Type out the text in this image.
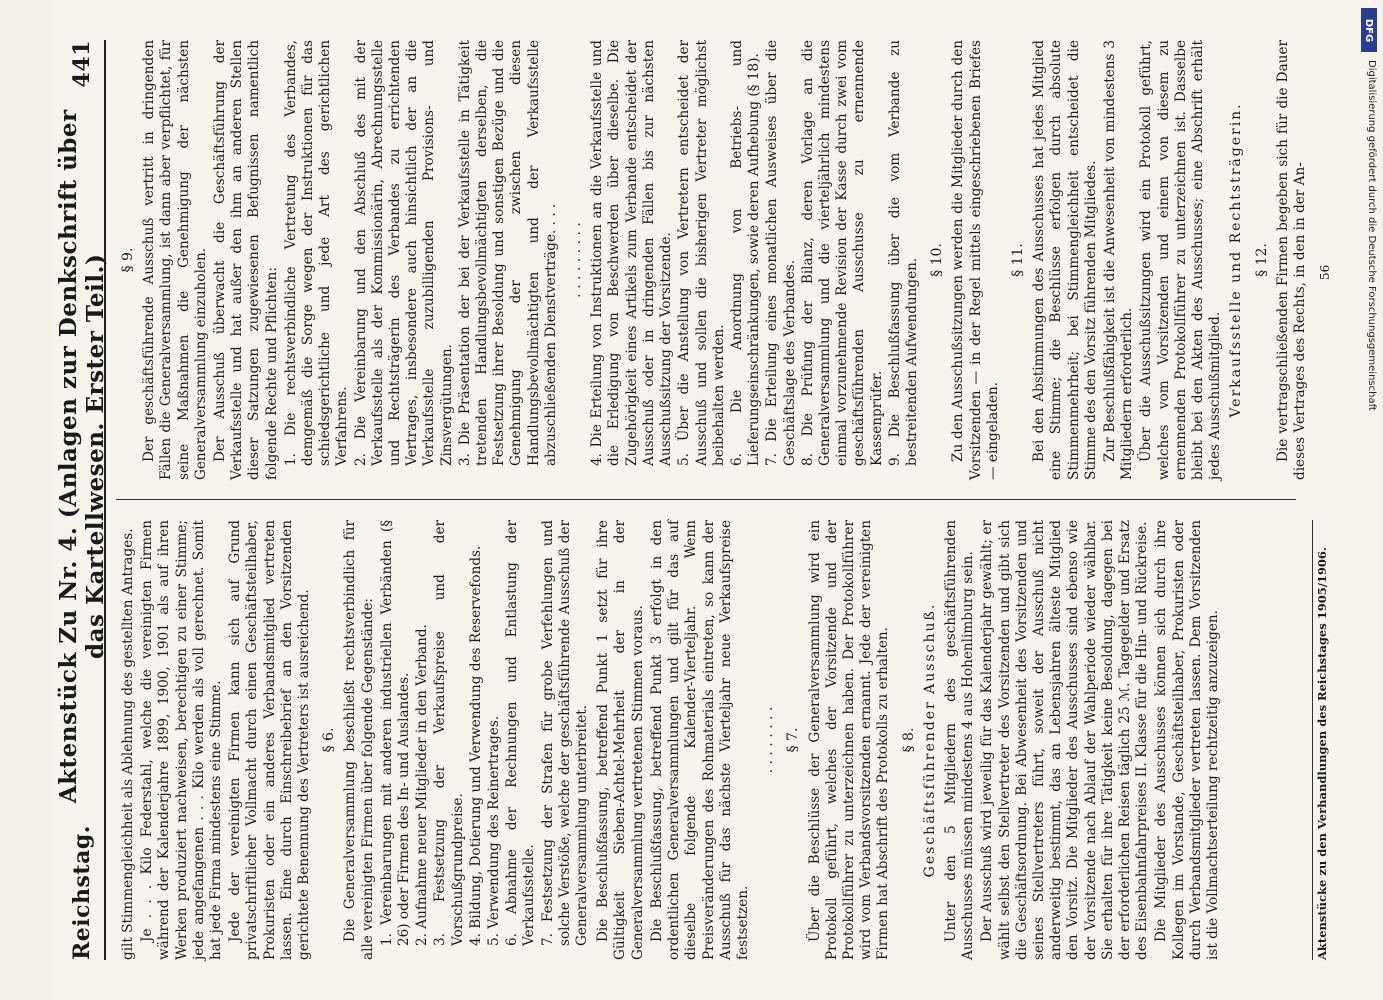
Reichstag.
Aktenstück Zu Nr. 4. (Anlagen zur Denkschrift über das Kartellwesen. Erster Teil.)
441

gilt Stimmengleichheit als Ablehnung des gestellten Antrages. Je . . . Kilo Federstahl, welche die vereinigten Firmen während der Kalenderjahre 1899, 1900, 1901 als auf ihren Werken produziert nachweisen, berechtigen zu einer Stimme; jede angefangenen . . . Kilo werden als voll gerechnet. Somit hat jede Firma mindestens eine Stimme. Jede der vereinigten Firmen kann sich auf Grund privatschriftlicher Vollmacht durch einen Geschäftsteilhaber, Prokuristen oder ein anderes Verbandsmitglied vertreten lassen. Eine durch Einschreibebrief an den Vorsitzenden gerichtete Benennung des Vertreters ist ausreichend. § 6. Die Generalversammlung beschließt rechtsverbindlich für alle vereinigten Firmen über folgende Gegenstände: 1. Vereinbarungen mit anderen industriellen Verbänden (§ 26) oder Firmen des In- und Auslandes. 2. Aufnahme neuer Mitglieder in den Verband. 3. Festsetzung der Verkaufspreise und der Vorschußgrundpreise. 4. Bildung, Dotierung und Verwendung des Reservefonds. 5. Verwendung des Reinertrages. 6. Abnahme der Rechnungen und Entlastung der Verkaufsstelle. 7. Festsetzung der Strafen für grobe Verfehlungen und solche Verstöße, welche der geschäftsführende Ausschuß der Generalversammlung unterbreitet. Die Beschlußfassung, betreffend Punkt 1 setzt für ihre Gültigkeit Sieben-Achtel-Mehrheit der in der Generalversammlung vertretenen Stimmen voraus. Die Beschlußfassung, betreffend Punkt 3 erfolgt in den ordentlichen Generalversammlungen und gilt für das auf dieselbe folgende Kalender-Vierteljahr. Wenn Preisveränderungen des Rohmaterials eintreten, so kann der Ausschuß für das nächste Vierteljahr neue Verkaufspreise festsetzen.

. . . . . . . . § 7. Über die Beschlüsse der Generalversammlung wird ein Protokoll geführt, welches der Vorsitzende und der Protokollführer zu unterzeichnen haben. Der Protokollführer wird vom Verbandsvorsitzenden ernannt. Jede der vereinigten Firmen hat Abschrift des Protokolls zu erhalten. § 8. Geschäftsführender Ausschuß. Unter den 5 Mitgliedern des geschäftsführenden Ausschusses müssen mindestens 4 aus Hohenlimburg sein. Der Ausschuß wird jeweilig für das Kalenderjahr gewählt; er wählt selbst den Stellvertreter des Vorsitzenden und gibt sich die Geschäftsordnung. Bei Abwesenheit des Vorsitzenden und seines Stellvertreters führt, soweit der Ausschuß nicht anderweitig bestimmt, das an Lebensjahren älteste Mitglied den Vorsitz. Die Mitglieder des Ausschusses sind ebenso wie der Vorsitzende nach Ablauf der Wahlperiode wieder wählbar. Sie erhalten für ihre Tätigkeit keine Besoldung, dagegen bei der erforderlichen Reisen täglich 25 ℳ. Tagegelder und Ersatz des Eisenbahnfahrpreises II. Klasse für die Hin- und Rückreise. Die Mitglieder des Ausschusses können sich durch ihre Kollegen im Vorstande, Geschäftsteilhaber, Prokuristen oder durch Verbandsmitglieder vertreten lassen. Dem Vorsitzenden ist die Vollmachtserteilung rechtzeitig anzuzeigen.

§ 9. Der geschäftsführende Ausschuß vertritt in dringenden Fällen die Generalversammlung, ist dann aber verpflichtet, für seine Maßnahmen die Genehmigung der nächsten Generalversammlung einzuholen. Der Ausschuß überwacht die Geschäftsführung der Verkaufsstelle und hat außer den ihm an anderen Stellen dieser Satzungen zugewiesenen Befugnissen namentlich folgende Rechte und Pflichten: 1. Die rechtsverbindliche Vertretung des Verbandes, demgemäß die Sorge wegen der Instruktionen für das schiedsgerichtliche und jede Art des gerichtlichen Verfahrens. 2. Die Vereinbarung und den Abschluß des mit der Verkaufsstelle als der Kommissionärin, Abrechnungsstelle und Rechtsträgerin des Verbandes zu errichtenden Vertrages, insbesondere auch hinsichtlich der an die Verkaufsstelle zuzubilligenden Provisions- und Zinsvergütungen. 3. Die Präsentation der bei der Verkaufsstelle in Tätigkeit tretenden Handlungsbevollmächtigten derselben, die Festsetzung ihrer Besoldung und sonstigen Bezüge und die Genehmigung der zwischen diesen Handlungsbevollmächtigten und der Verkaufsstelle abzuschließenden Dienstverträge. . . . . . . . . . . . . 4. Die Erteilung von Instruktionen an die Verkaufsstelle und die Erledigung von Beschwerden über dieselbe. Die Zugehörigkeit eines Artikels zum Verbande entscheidet der Ausschuß oder in dringenden Fällen bis zur nächsten Ausschußsitzung der Vorsitzende. 5. Über die Anstellung von Vertretern entscheidet der Ausschuß und sollen die bisherigen Vertreter möglichst beibehalten werden. 6. Die Anordnung von Betriebs- und Lieferungseinschränkungen, sowie deren Aufhebung (§ 18). 7. Die Erteilung eines monatlichen Ausweises über die Geschäftslage des Verbandes. 8. Die Prüfung der Bilanz, deren Vorlage an die Generalversammlung und die vierteljährlich mindestens einmal vorzunehmende Revision der Kasse durch zwei vom geschäftsführenden Ausschusse zu ernennende Kassenprüfer. 9. Die Beschlußfassung über die vom Verbande zu bestreitenden Aufwendungen. § 10. Zu den Ausschußsitzungen werden die Mitglieder durch den Vorsitzenden — in der Regel mittels eingeschriebenen Briefes — eingeladen.

§ 11. Bei den Abstimmungen des Ausschusses hat jedes Mitglied eine Stimme; die Beschlüsse erfolgen durch absolute Stimmenmehrheit; bei Stimmengleichheit entscheidet die Stimme des den Vorsitz führenden Mitgliedes. Zur Beschlußfähigkeit ist die Anwesenheit von mindestens 3 Mitgliedern erforderlich. Über die Ausschußsitzungen wird ein Protokoll geführt, welches vom Vorsitzenden und einem von diesem zu ernennenden Protokollführer zu unterzeichnen ist. Dasselbe bleibt bei den Akten des Ausschusses; eine Abschrift erhält jedes Ausschußmitglied. Verkaufsstelle und Rechtsträgerin. § 12. Die vertragschließenden Firmen begeben sich für die Dauer dieses Vertrages des Rechts, in den in der An-

Aktenstücke zu den Verhandlungen des Reichstages 1905/1906.
56
DFG
Digitalisierung gefördert durch die Deutsche Forschungsgemeinschaft
